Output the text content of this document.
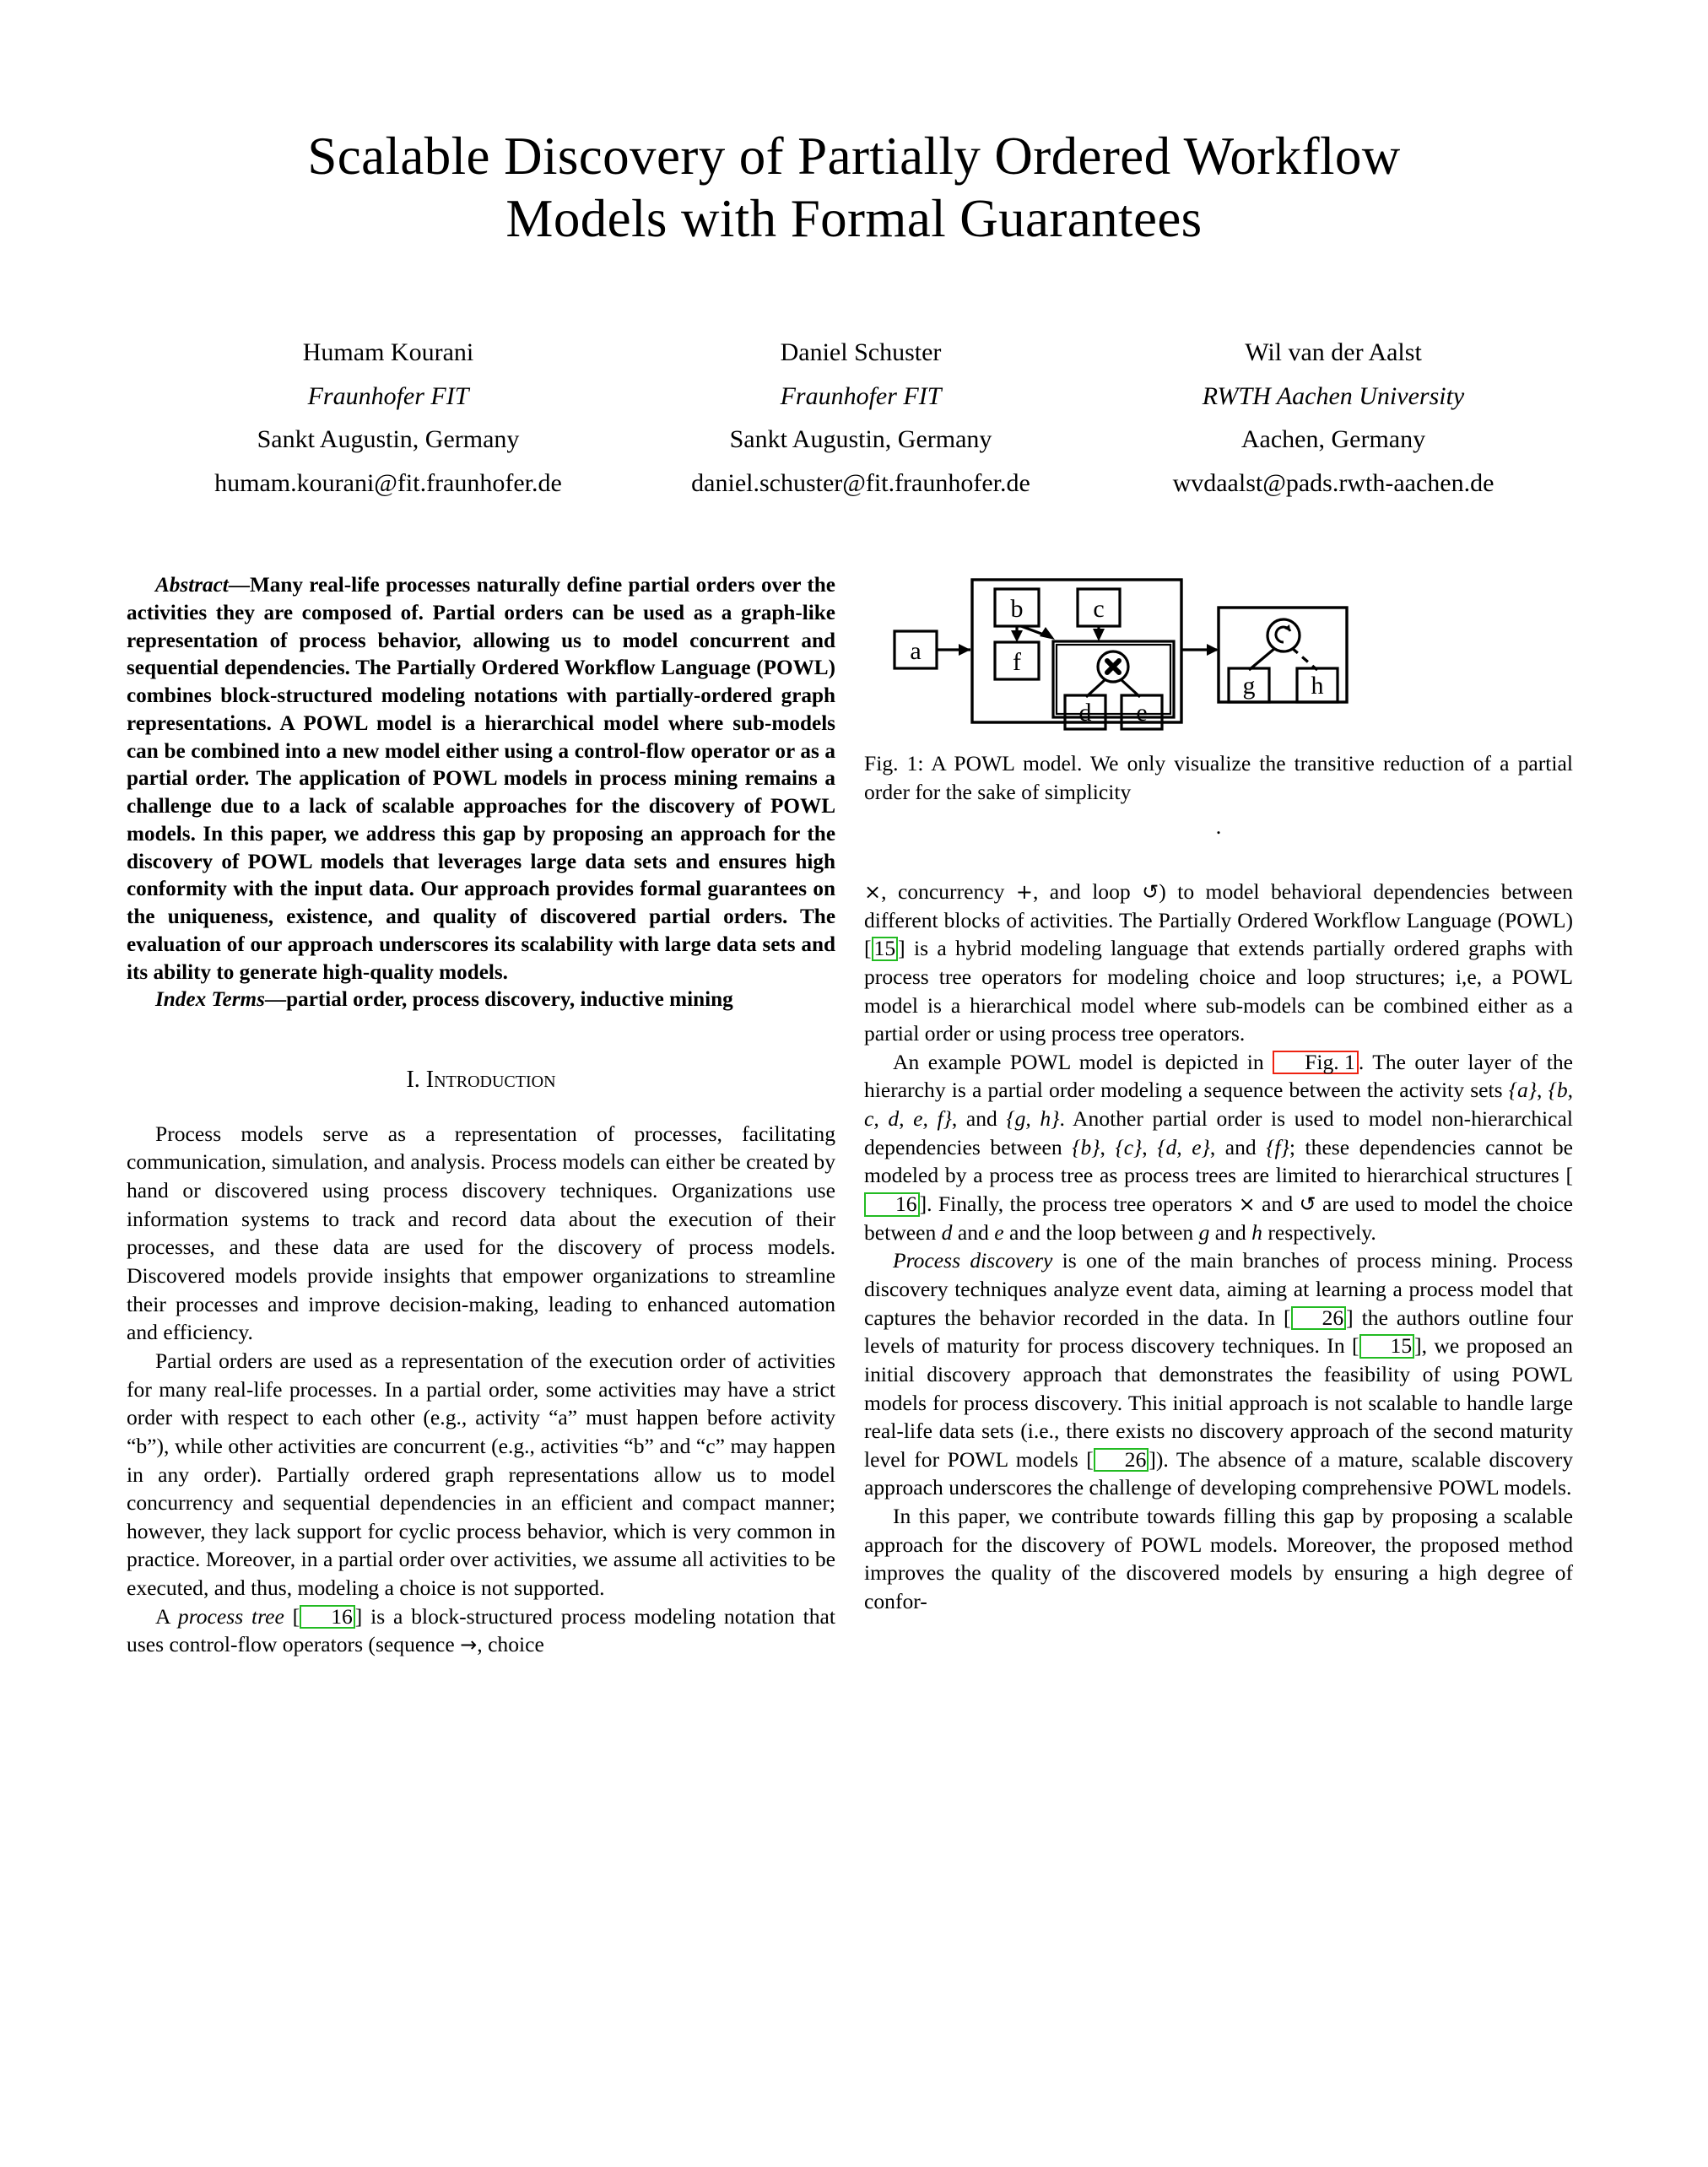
Scalable Discovery of Partially Ordered Workflow
Models with Formal Guarantees
Humam Kourani
Fraunhofer FIT
Sankt Augustin, Germany
humam.kourani@fit.fraunhofer.de
Daniel Schuster
Fraunhofer FIT
Sankt Augustin, Germany
daniel.schuster@fit.fraunhofer.de
Wil van der Aalst
RWTH Aachen University
Aachen, Germany
wvdaalst@pads.rwth-aachen.de

Abstract—Many real-life processes naturally define partial orders over the activities they are composed of. Partial orders can be used as a graph-like representation of process behavior, allowing us to model concurrent and sequential dependencies. The Partially Ordered Workflow Language (POWL) combines block-structured modeling notations with partially-ordered graph representations. A POWL model is a hierarchical model where sub-models can be combined into a new model either using a control-flow operator or as a partial order. The application of POWL models in process mining remains a challenge due to a lack of scalable approaches for the discovery of POWL models. In this paper, we address this gap by proposing an approach for the discovery of POWL models that leverages large data sets and ensures high conformity with the input data. Our approach provides formal guarantees on the uniqueness, existence, and quality of discovered partial orders. The evaluation of our approach underscores its scalability with large data sets and its ability to generate high-quality models.

Index Terms—partial order, process discovery, inductive mining

I. Introduction

Process models serve as a representation of processes, facilitating communication, simulation, and analysis. Process models can either be created by hand or discovered using process discovery techniques. Organizations use information systems to track and record data about the execution of their processes, and these data are used for the discovery of process models. Discovered models provide insights that empower organizations to streamline their processes and improve decision-making, leading to enhanced automation and efficiency.

Partial orders are used as a representation of the execution order of activities for many real-life processes. In a partial order, some activities may have a strict order with respect to each other (e.g., activity “a” must happen before activity “b”), while other activities are concurrent (e.g., activities “b” and “c” may happen in any order). Partially ordered graph representations allow us to model concurrency and sequential dependencies in an efficient and compact manner; however, they lack support for cyclic process behavior, which is very common in practice. Moreover, in a partial order over activities, we assume all activities to be executed, and thus, modeling a choice is not supported.

A process tree [ 16 ] is a block-structured process modeling notation that uses control-flow operators (sequence →, choice

a
b	c
f
d e
g h
Fig. 1: A POWL model. We only visualize the transitive reduction of a partial order for the sake of simplicity
.

×, concurrency +, and loop ↺) to model behavioral dependencies between different blocks of activities. The Partially Ordered Workflow Language (POWL) [ 15 ] is a hybrid modeling language that extends partially ordered graphs with process tree operators for modeling choice and loop structures; i,e, a POWL model is a hierarchical model where sub-models can be combined either as a partial order or using process tree operators.

An example POWL model is depicted in Fig. 1 . The outer layer of the hierarchy is a partial order modeling a sequence between the activity sets {a}, {b, c, d, e, f}, and {g, h}. Another partial order is used to model non-hierarchical dependencies between {b}, {c}, {d, e}, and {f}; these dependencies cannot be modeled by a process tree as process trees are limited to hierarchical structures [16 ]. Finally, the process tree operators × and ↺ are used to model the choice between d and e and the loop between g and h respectively.

Process discovery is one of the main branches of process mining. Process discovery techniques analyze event data, aiming at learning a process model that captures the behavior recorded in the data. In [ 26 ] the authors outline four levels of maturity for process discovery techniques. In [ 15 ], we proposed an initial discovery approach that demonstrates the feasibility of using POWL models for process discovery. This initial approach is not scalable to handle large real-life data sets (i.e., there exists no discovery approach of the second maturity level for POWL models [ 26 ]). The absence of a mature, scalable discovery approach underscores the challenge of developing comprehensive POWL models.

In this paper, we contribute towards filling this gap by proposing a scalable approach for the discovery of POWL models. Moreover, the proposed method improves the quality of the discovered models by ensuring a high degree of confor-
